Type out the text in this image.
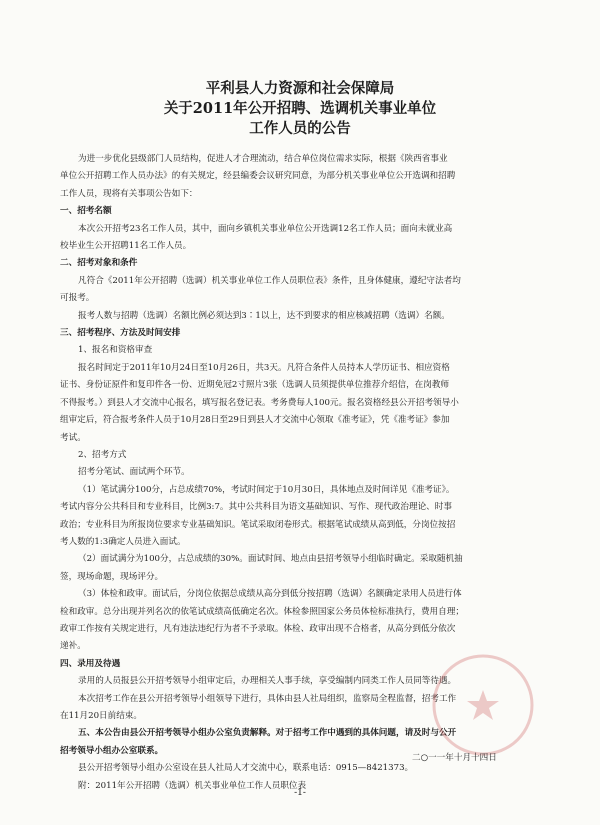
平利县人力资源和社会保障局
关于2011年公开招聘、选调机关事业单位
工作人员的公告
为进一步优化县级部门人员结构，促进人才合理流动，结合单位岗位需求实际，根据《陕西省事业
单位公开招聘工作人员办法》的有关规定，经县编委会议研究同意，为部分机关事业单位公开选调和招聘
工作人员，现将有关事项公告如下：
一、招考名额
本次公开招考23名工作人员，其中，面向乡镇机关事业单位公开选调12名工作人员；面向未就业高
校毕业生公开招聘11名工作人员。
二、招考对象和条件
凡符合《2011年公开招聘（选调）机关事业单位工作人员职位表》条件，且身体健康，遵纪守法者均
可报考。
报考人数与招聘（选调）名额比例必须达到3∶1以上，达不到要求的相应核减招聘（选调）名额。
三、招考程序、方法及时间安排
1、报名和资格审查
报名时间定于2011年10月24日至10月26日，共3天。凡符合条件人员持本人学历证书、相应资格
证书、身份证原件和复印件各一份、近期免冠2寸照片3张（选调人员须提供单位推荐介绍信，在岗教师
不得报考。）到县人才交流中心报名，填写报名登记表。考务费每人100元。报名资格经县公开招考领导小
组审定后，符合报考条件人员于10月28日至29日到县人才交流中心领取《准考证》，凭《准考证》参加
考试。
2、招考方式
招考分笔试、面试两个环节。
（1）笔试满分100分，占总成绩70%，考试时间定于10月30日，具体地点及时间详见《准考证》。
考试内容分公共科目和专业科目，比例3:7。其中公共科目为语文基础知识、写作、现代政治理论、时事
政治；专业科目为所报岗位要求专业基础知识。笔试采取闭卷形式。根据笔试成绩从高到低，分岗位按招
考人数的1:3确定人员进入面试。
（2）面试满分为100分，占总成绩的30%。面试时间、地点由县招考领导小组临时确定。采取随机抽
签，现场命题，现场评分。
（3）体检和政审。面试后，分岗位依据总成绩从高分到低分按招聘（选调）名额确定录用人员进行体
检和政审。总分出现并列名次的依笔试成绩高低确定名次。体检参照国家公务员体检标准执行，费用自理；
政审工作按有关规定进行，凡有违法违纪行为者不予录取。体检、政审出现不合格者，从高分到低分依次
递补。
四、录用及待遇
录用的人员报县公开招考领导小组审定后，办理相关人事手续，享受编制内同类工作人员同等待遇。
本次招考工作在县公开招考领导小组领导下进行，具体由县人社局组织，监察局全程监督，招考工作
在11月20日前结束。
五、本公告由县公开招考领导小组办公室负责解释。对于招考工作中遇到的具体问题，请及时与公开
招考领导小组办公室联系。
县公开招考领导小组办公室设在县人社局人才交流中心，联系电话：0915—8421373。
附：2011年公开招聘（选调）机关事业单位工作人员职位表
二○一一年十月十四日
-1-
